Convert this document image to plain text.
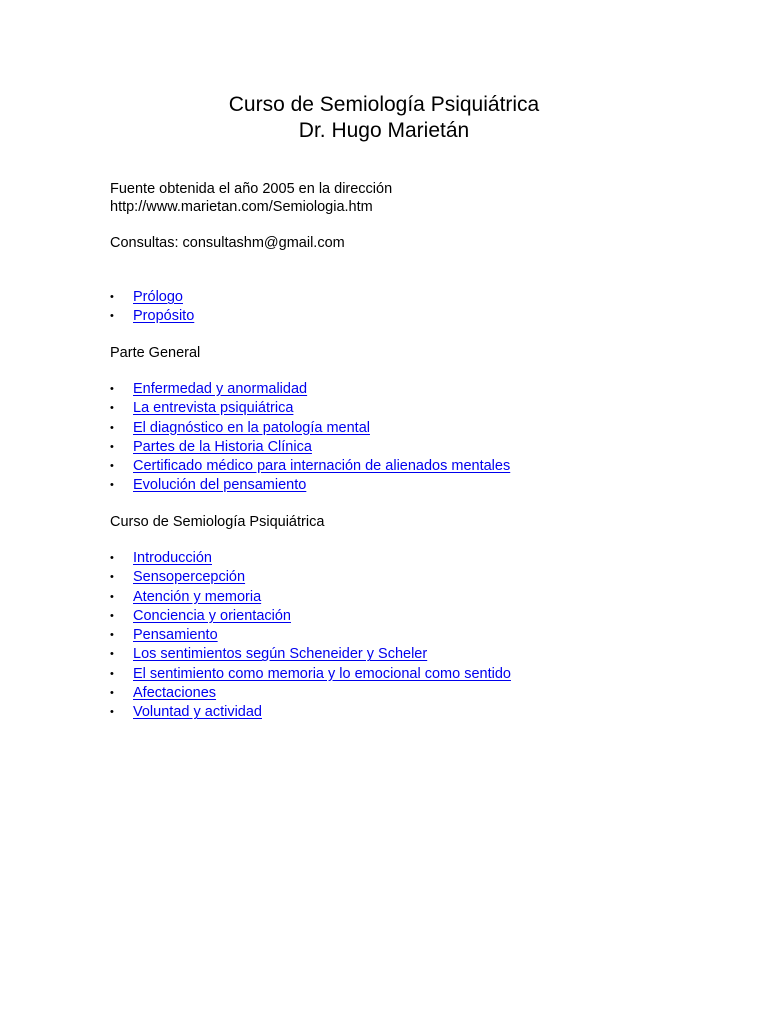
Curso de Semiología Psiquiátrica
Dr. Hugo Marietán

Fuente obtenida el año 2005 en la dirección
http://www.marietan.com/Semiologia.htm

Consultas: consultashm@gmail.com

• Prólogo
• Propósito

Parte General

• Enfermedad y anormalidad
• La entrevista psiquiátrica
• El diagnóstico en la patología mental
• Partes de la Historia Clínica
• Certificado médico para internación de alienados mentales
• Evolución del pensamiento

Curso de Semiología Psiquiátrica

• Introducción
• Sensopercepción
• Atención y memoria
• Conciencia y orientación
• Pensamiento
• Los sentimientos según Scheneider y Scheler
• El sentimiento como memoria y lo emocional como sentido
• Afectaciones
• Voluntad y actividad
